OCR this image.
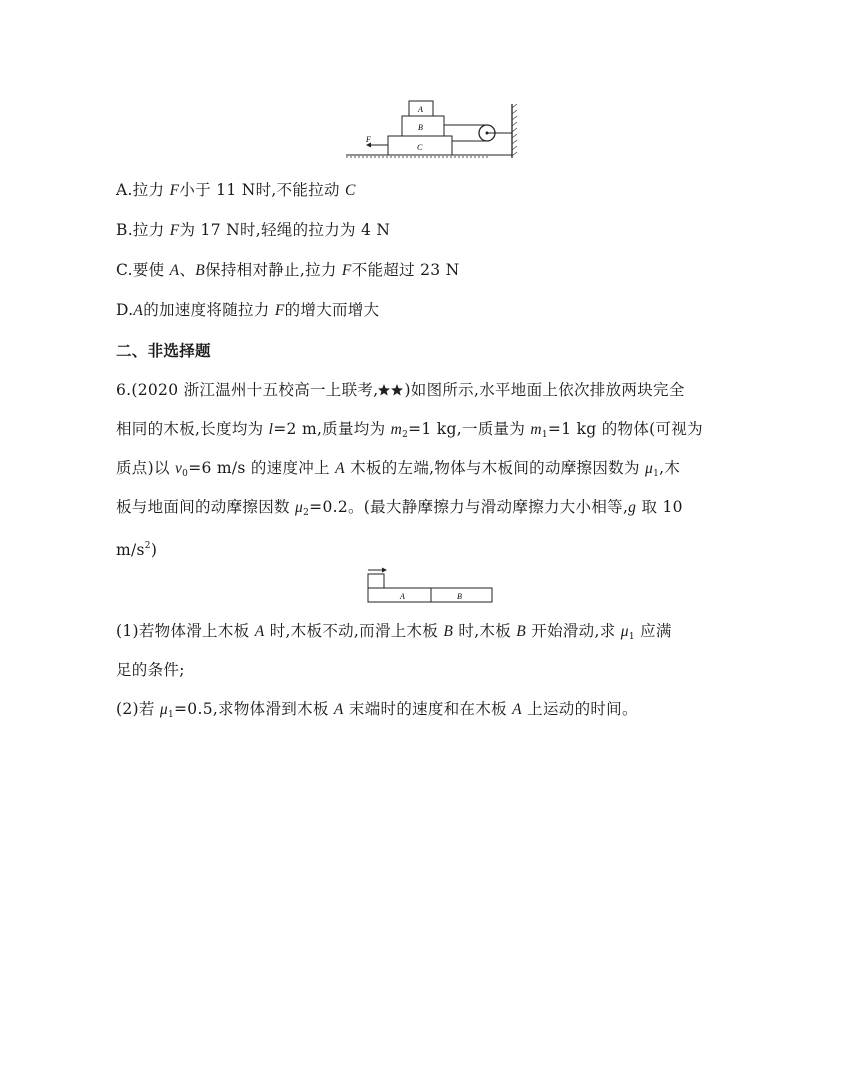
A
B
C
F
A.拉力 F小于 11 N时,不能拉动 C
B.拉力 F为 17 N时,轻绳的拉力为 4 N
C.要使 A、B保持相对静止,拉力 F不能超过 23 N
D.A的加速度将随拉力 F的增大而增大
二、非选择题
6.(2020 浙江温州十五校高一上联考, )如图所示,水平地面上依次排放两块完全
相同的木板,长度均为 l=2 m,质量均为 $m_2=1$ kg,一质量为 $m_1=1$ kg 的物体(可视为
质点)以 $v_0=6$ m/s 的速度冲上 A 木板的左端,物体与木板间的动摩擦因数为 $\mu_1$,木
板与地面间的动摩擦因数 $\mu_2=0.2$。(最大静摩擦力与滑动摩擦力大小相等,g 取 10
$m/s^2$)
A	B
(1)若物体滑上木板 A 时,木板不动,而滑上木板 B 时,木板 B 开始滑动,求 $\mu_1$ 应满
足的条件;
(2)若 $\mu_1=0.5$,求物体滑到木板 A 末端时的速度和在木板 A 上运动的时间。
